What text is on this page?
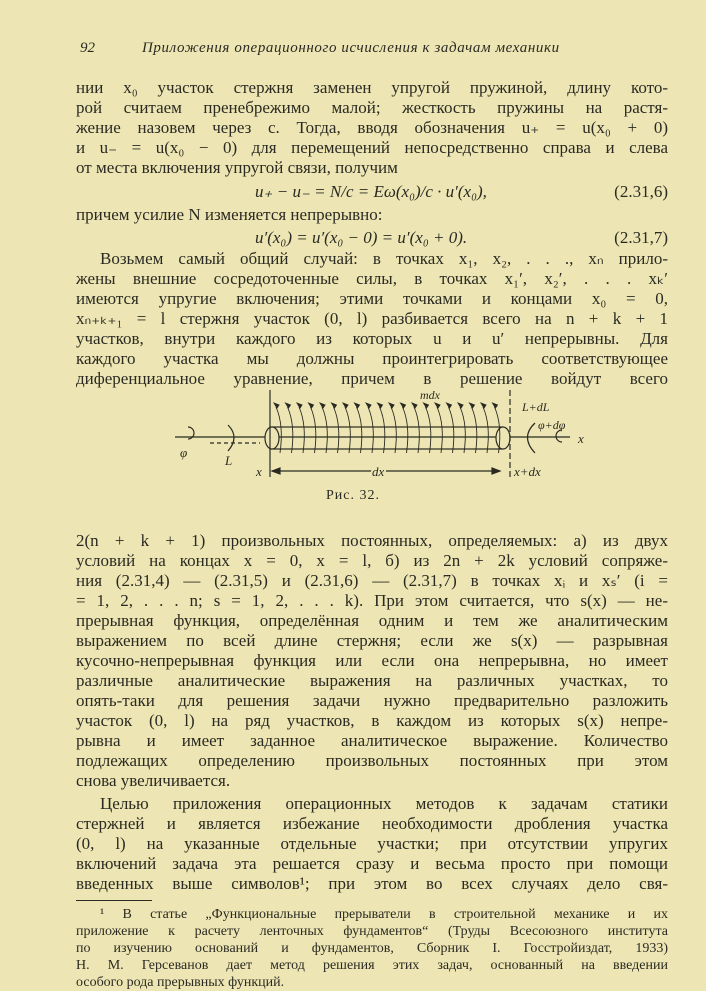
92	Приложения операционного исчисления к задачам механики
нии x₀ участок стержня заменен упругой пружиной, длину кото-
рой считаем пренебрежимо малой; жесткость пружины на растя-
жение назовем через c. Тогда, вводя обозначения u₊ = u(x₀ + 0)
и u₋ = u(x₀ − 0) для перемещений непосредственно справа и слева
от места включения упругой связи, получим
u₊ − u₋ = N/c = Eω(x₀)/c · u′(x₀),	(2.31,6)
причем усилие N изменяется непрерывно:
u′(x₀) = u′(x₀ − 0) = u′(x₀ + 0).	(2.31,7)
Возьмем самый общий случай: в точках x₁, x₂, . . ., xₙ прило-
жены внешние сосредоточенные силы, в точках x₁′, x₂′, . . . xₖ′
имеются упругие включения; этими точками и концами x₀ = 0,
xₙ₊ₖ₊₁ = l стержня участок (0, l) разбивается всего на n + k + 1
участков, внутри каждого из которых u и u′ непрерывны. Для
каждого участка мы должны проинтегрировать соответствующее
диференциальное уравнение, причем в решение войдут всего
mdx
L
φ
L+dL
φ+dφ
x
x	dx	x+dx
Рис. 32.
2(n + k + 1) произвольных постоянных, определяемых: а) из двух
условий на концах x = 0, x = l, б) из 2n + 2k условий сопряже-
ния (2.31,4) — (2.31,5) и (2.31,6) — (2.31,7) в точках xᵢ и xₛ′ (i =
= 1, 2, . . . n; s = 1, 2, . . . k). При этом считается, что s(x) — не-
прерывная функция, определённая одним и тем же аналитическим
выражением по всей длине стержня; если же s(x) — разрывная
кусочно-непрерывная функция или если она непрерывна, но имеет
различные аналитические выражения на различных участках, то
опять-таки для решения задачи нужно предварительно разложить
участок (0, l) на ряд участков, в каждом из которых s(x) непре-
рывна и имеет заданное аналитическое выражение. Количество
подлежащих определению произвольных постоянных при этом
снова увеличивается.
Целью приложения операционных методов к задачам статики
стержней и является избежание необходимости дробления участка
(0, l) на указанные отдельные участки; при отсутствии упругих
включений задача эта решается сразу и весьма просто при помощи
введенных выше символов¹; при этом во всех случаях дело свя-
¹ В статье „Функциональные прерыватели в строительной механике и их
приложение к расчету ленточных фундаментов“ (Труды Всесоюзного института
по изучению оснований и фундаментов, Сборник I. Госстройиздат, 1933)
Н. М. Герсеванов дает метод решения этих задач, основанный на введении
особого рода прерывных функций.
